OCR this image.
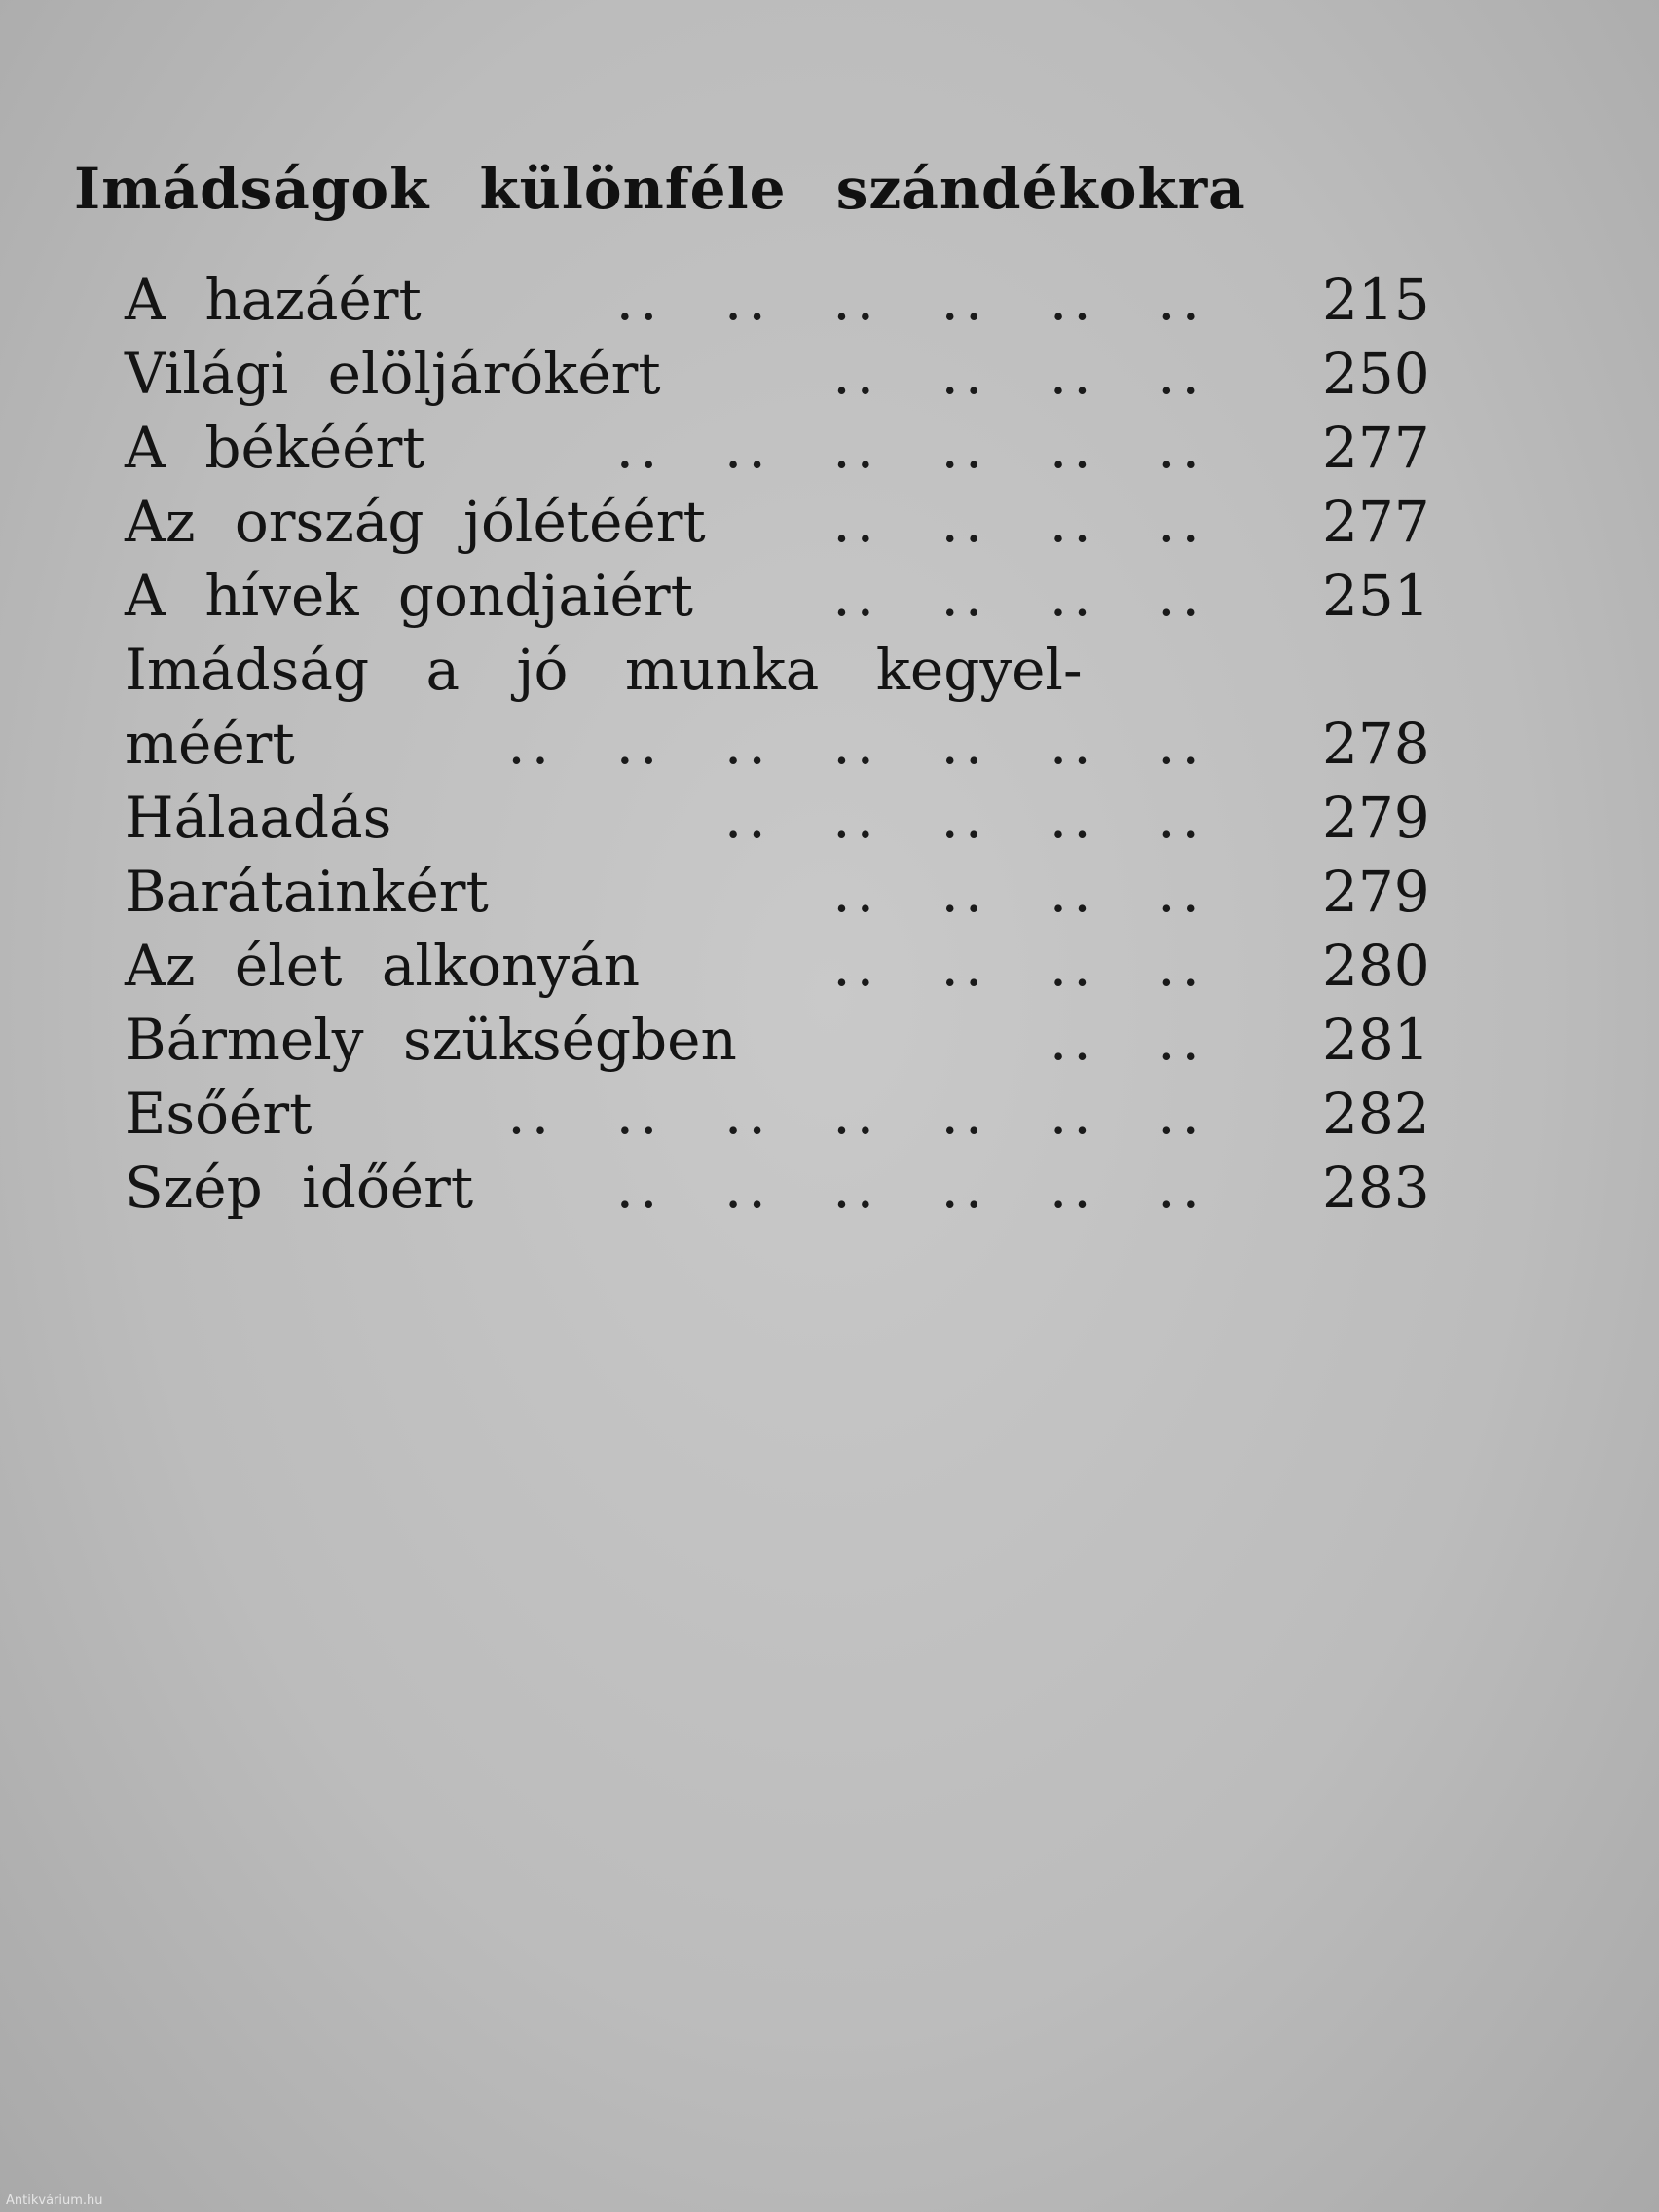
Imádságok különféle szándékokra
A hazáért	.. .. .. .. .. .. 215
Világi elöljárókért	.. .. .. .. 250
A békéért	.. .. .. .. .. .. 277
Az ország jólétéért .. .. .. .. 277
A hívek gondjaiért .. .. .. .. 251
Imádság a jó munka kegyel-
méért	.. .. .. .. .. .. .. 278
Hálaadás	.. .. .. .. .. 279
Barátainkért	.. .. .. .. 279
Az élet alkonyán	.. .. .. .. 280
Bármely szükségben	.. .. 281
Esőért	.. .. .. .. .. .. .. 282
Szép időért	.. .. .. .. .. .. 283
Antikvárium.hu
